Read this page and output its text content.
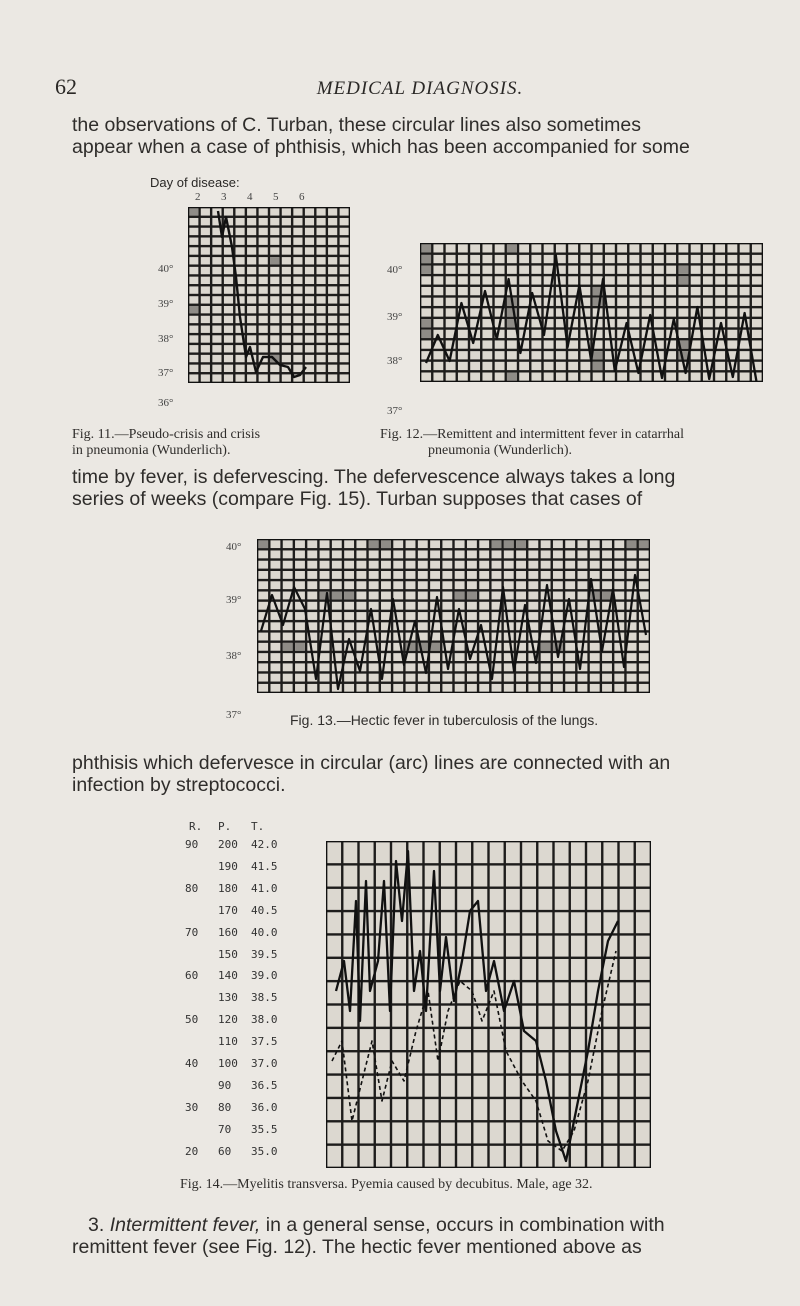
62	MEDICAL DIAGNOSIS.
the observations of C. Turban, these circular lines also sometimes
appear when a case of phthisis, which has been accompanied for some
Day of disease:
Fig. 11.—Pseudo-crisis and crisis
in pneumonia (Wunderlich).
Fig. 12.—Remittent and intermittent fever in catarrhal
pneumonia (Wunderlich).
time by fever, is defervescing. The defervescence always takes a long
series of weeks (compare Fig. 15). Turban supposes that cases of
Fig. 13.—Hectic fever in tuberculosis of the lungs.
phthisis which defervesce in circular (arc) lines are connected with an
infection by streptococci.
Fig. 14.—Myelitis transversa. Pyemia caused by decubitus. Male, age 32.
3. Intermittent fever, in a general sense, occurs in combination with
remittent fever (see Fig. 12). The hectic fever mentioned above as
2 3 4 5 6
40°
39°
38°
37°
36°
40°
39°
38°
37°
40°
39°
38°
37°
R. P. T.
90 200 42.0
190 41.5
80 180 41.0
170 40.5
70 160 40.0
150 39.5
60 140 39.0
130 38.5
50 120 38.0
110 37.5
40 100 37.0
90 36.5
30 80 36.0
70 35.5
20 60 35.0
